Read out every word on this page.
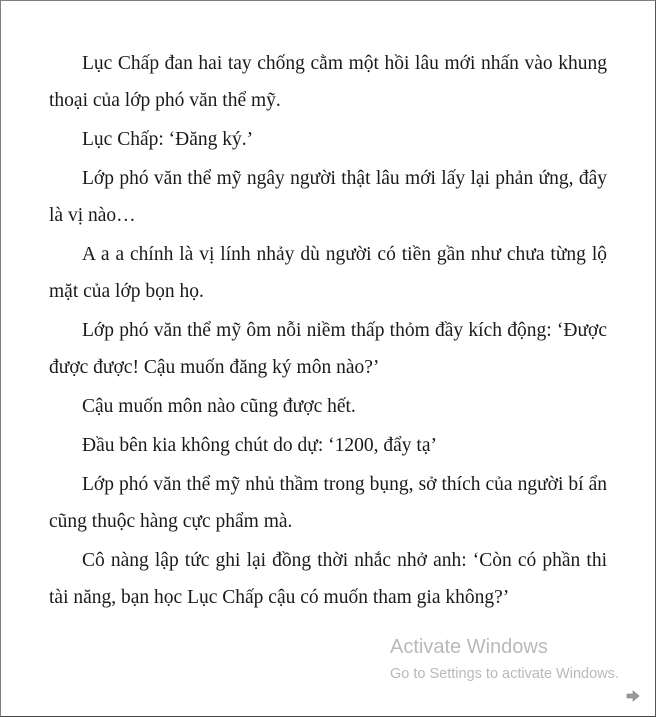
Lục Chấp đan hai tay chống cằm một hồi lâu mới nhấn vào khung thoại của lớp phó văn thể mỹ.

Lục Chấp: ‘Đăng ký.’

Lớp phó văn thể mỹ ngây người thật lâu mới lấy lại phản ứng, đây là vị nào…

A a a chính là vị lính nhảy dù người có tiền gần như chưa từng lộ mặt của lớp bọn họ.

Lớp phó văn thể mỹ ôm nỗi niềm thấp thỏm đầy kích động: ‘Được được được! Cậu muốn đăng ký môn nào?’

Cậu muốn môn nào cũng được hết.

Đầu bên kia không chút do dự: ‘1200, đẩy tạ’

Lớp phó văn thể mỹ nhủ thầm trong bụng, sở thích của người bí ẩn cũng thuộc hàng cực phẩm mà.

Cô nàng lập tức ghi lại đồng thời nhắc nhở anh: ‘Còn có phần thi tài năng, bạn học Lục Chấp cậu có muốn tham gia không?’

Activate Windows
Go to Settings to activate Windows.
